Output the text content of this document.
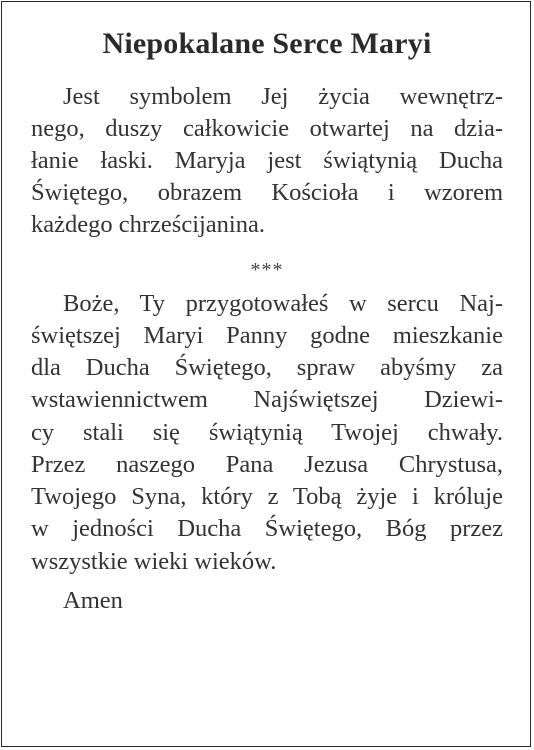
Niepokalane Serce Maryi
Jest symbolem Jej życia wewnętrz-
nego, duszy całkowicie otwartej na dzia-
łanie łaski. Maryja jest świątynią Ducha
Świętego, obrazem Kościoła i wzorem
każdego chrześcijanina.
***
Boże, Ty przygotowałeś w sercu Naj-
świętszej Maryi Panny godne mieszkanie
dla Ducha Świętego, spraw abyśmy za
wstawiennictwem Najświętszej Dziewi-
cy stali się świątynią Twojej chwały.
Przez naszego Pana Jezusa Chrystusa,
Twojego Syna, który z Tobą żyje i króluje
w jedności Ducha Świętego, Bóg przez
wszystkie wieki wieków.
Amen
